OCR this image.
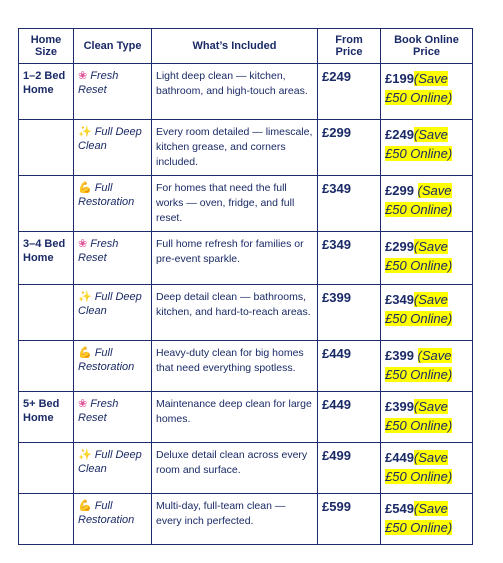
Home Size	Clean Type	What’s Included	From Price	Book Online Price
1–2 Bed Home	❀ Fresh Reset	Light deep clean — kitchen, bathroom, and high-touch areas.	£249	£199(Save £50 Online)
	✨ Full Deep Clean	Every room detailed — limescale, kitchen grease, and corners included.	£299	£249(Save £50 Online)
	💪 Full Restoration	For homes that need the full works — oven, fridge, and full reset.	£349	£299 (Save £50 Online)
3–4 Bed Home	❀ Fresh Reset	Full home refresh for families or pre-event sparkle.	£349	£299(Save £50 Online)
	✨ Full Deep Clean	Deep detail clean — bathrooms, kitchen, and hard-to-reach areas.	£399	£349(Save £50 Online)
	💪 Full Restoration	Heavy-duty clean for big homes that need everything spotless.	£449	£399 (Save £50 Online)
5+ Bed Home	❀ Fresh Reset	Maintenance deep clean for large homes.	£449	£399(Save £50 Online)
	✨ Full Deep Clean	Deluxe detail clean across every room and surface.	£499	£449(Save £50 Online)
	💪 Full Restoration	Multi-day, full-team clean — every inch perfected.	£599	£549(Save £50 Online)
